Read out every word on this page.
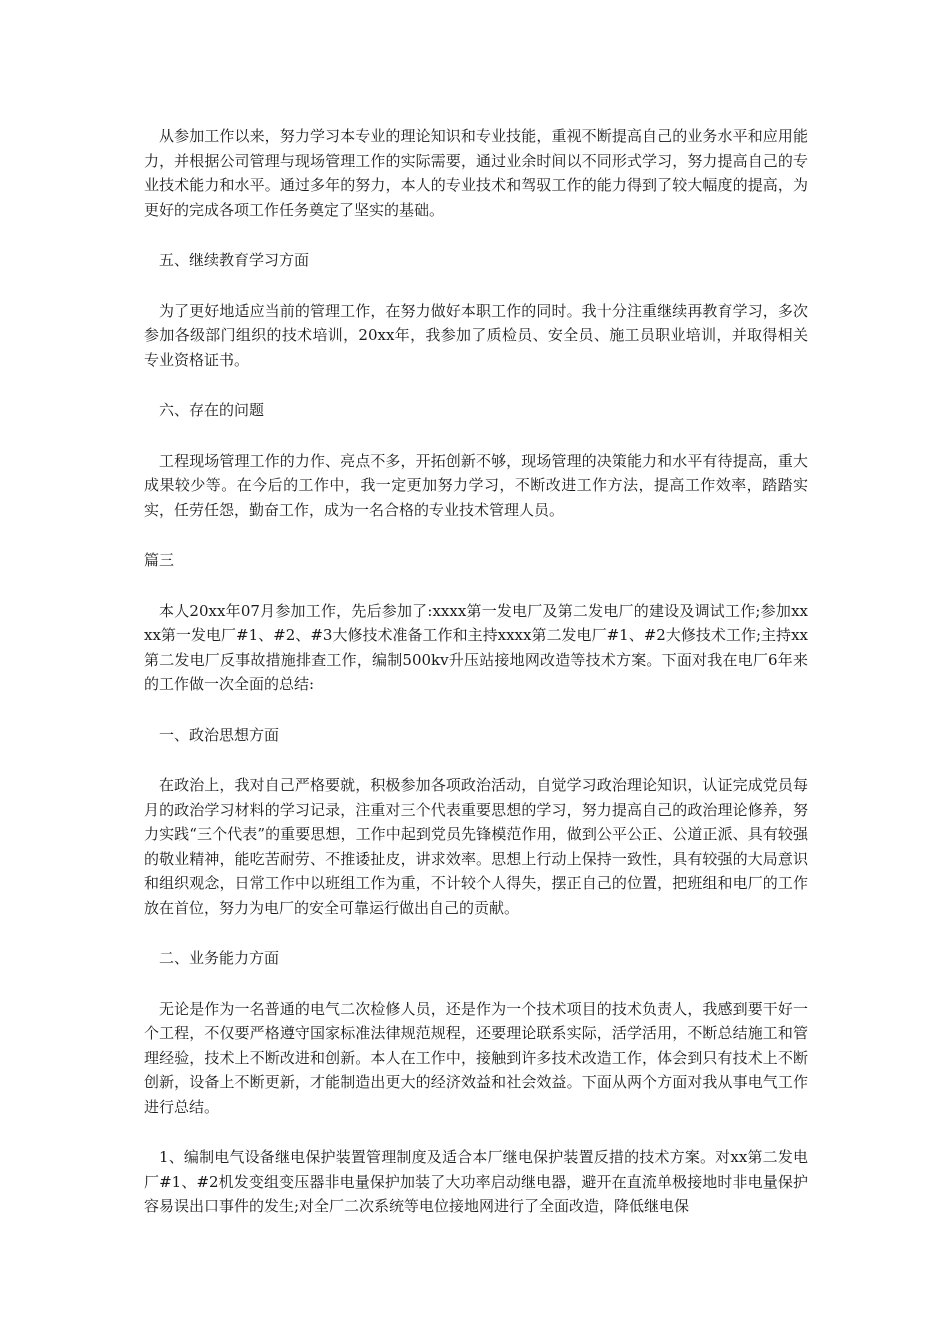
从参加工作以来，努力学习本专业的理论知识和专业技能，重视不断提高自己的业务水平和应用能力，并根据公司管理与现场管理工作的实际需要，通过业余时间以不同形式学习，努力提高自己的专业技术能力和水平。通过多年的努力，本人的专业技术和驾驭工作的能力得到了较大幅度的提高，为更好的完成各项工作任务奠定了坚实的基础。

五、继续教育学习方面

为了更好地适应当前的管理工作，在努力做好本职工作的同时。我十分注重继续再教育学习，多次参加各级部门组织的技术培训，20xx年，我参加了质检员、安全员、施工员职业培训，并取得相关专业资格证书。

六、存在的问题

工程现场管理工作的力作、亮点不多，开拓创新不够，现场管理的决策能力和水平有待提高，重大成果较少等。在今后的工作中，我一定更加努力学习，不断改进工作方法，提高工作效率，踏踏实实，任劳任怨，勤奋工作，成为一名合格的专业技术管理人员。

篇三

本人20xx年07月参加工作，先后参加了:xxxx第一发电厂及第二发电厂的建设及调试工作;参加xxxx第一发电厂#1、#2、#3大修技术准备工作和主持xxxx第二发电厂#1、#2大修技术工作;主持xx第二发电厂反事故措施排查工作，编制500kv升压站接地网改造等技术方案。下面对我在电厂6年来的工作做一次全面的总结:

一、政治思想方面

在政治上，我对自己严格要就，积极参加各项政治活动，自觉学习政治理论知识，认证完成党员每月的政治学习材料的学习记录，注重对三个代表重要思想的学习，努力提高自己的政治理论修养，努力实践“三个代表”的重要思想，工作中起到党员先锋模范作用，做到公平公正、公道正派、具有较强的敬业精神，能吃苦耐劳、不推诿扯皮，讲求效率。思想上行动上保持一致性，具有较强的大局意识和组织观念，日常工作中以班组工作为重，不计较个人得失，摆正自己的位置，把班组和电厂的工作放在首位，努力为电厂的安全可靠运行做出自己的贡献。

二、业务能力方面

无论是作为一名普通的电气二次检修人员，还是作为一个技术项目的技术负责人，我感到要干好一个工程，不仅要严格遵守国家标准法律规范规程，还要理论联系实际，活学活用，不断总结施工和管理经验，技术上不断改进和创新。本人在工作中，接触到许多技术改造工作，体会到只有技术上不断创新，设备上不断更新，才能制造出更大的经济效益和社会效益。下面从两个方面对我从事电气工作进行总结。

1、编制电气设备继电保护装置管理制度及适合本厂继电保护装置反措的技术方案。对xx第二发电厂#1、#2机发变组变压器非电量保护加装了大功率启动继电器，避开在直流单极接地时非电量保护容易误出口事件的发生;对全厂二次系统等电位接地网进行了全面改造，降低继电保
